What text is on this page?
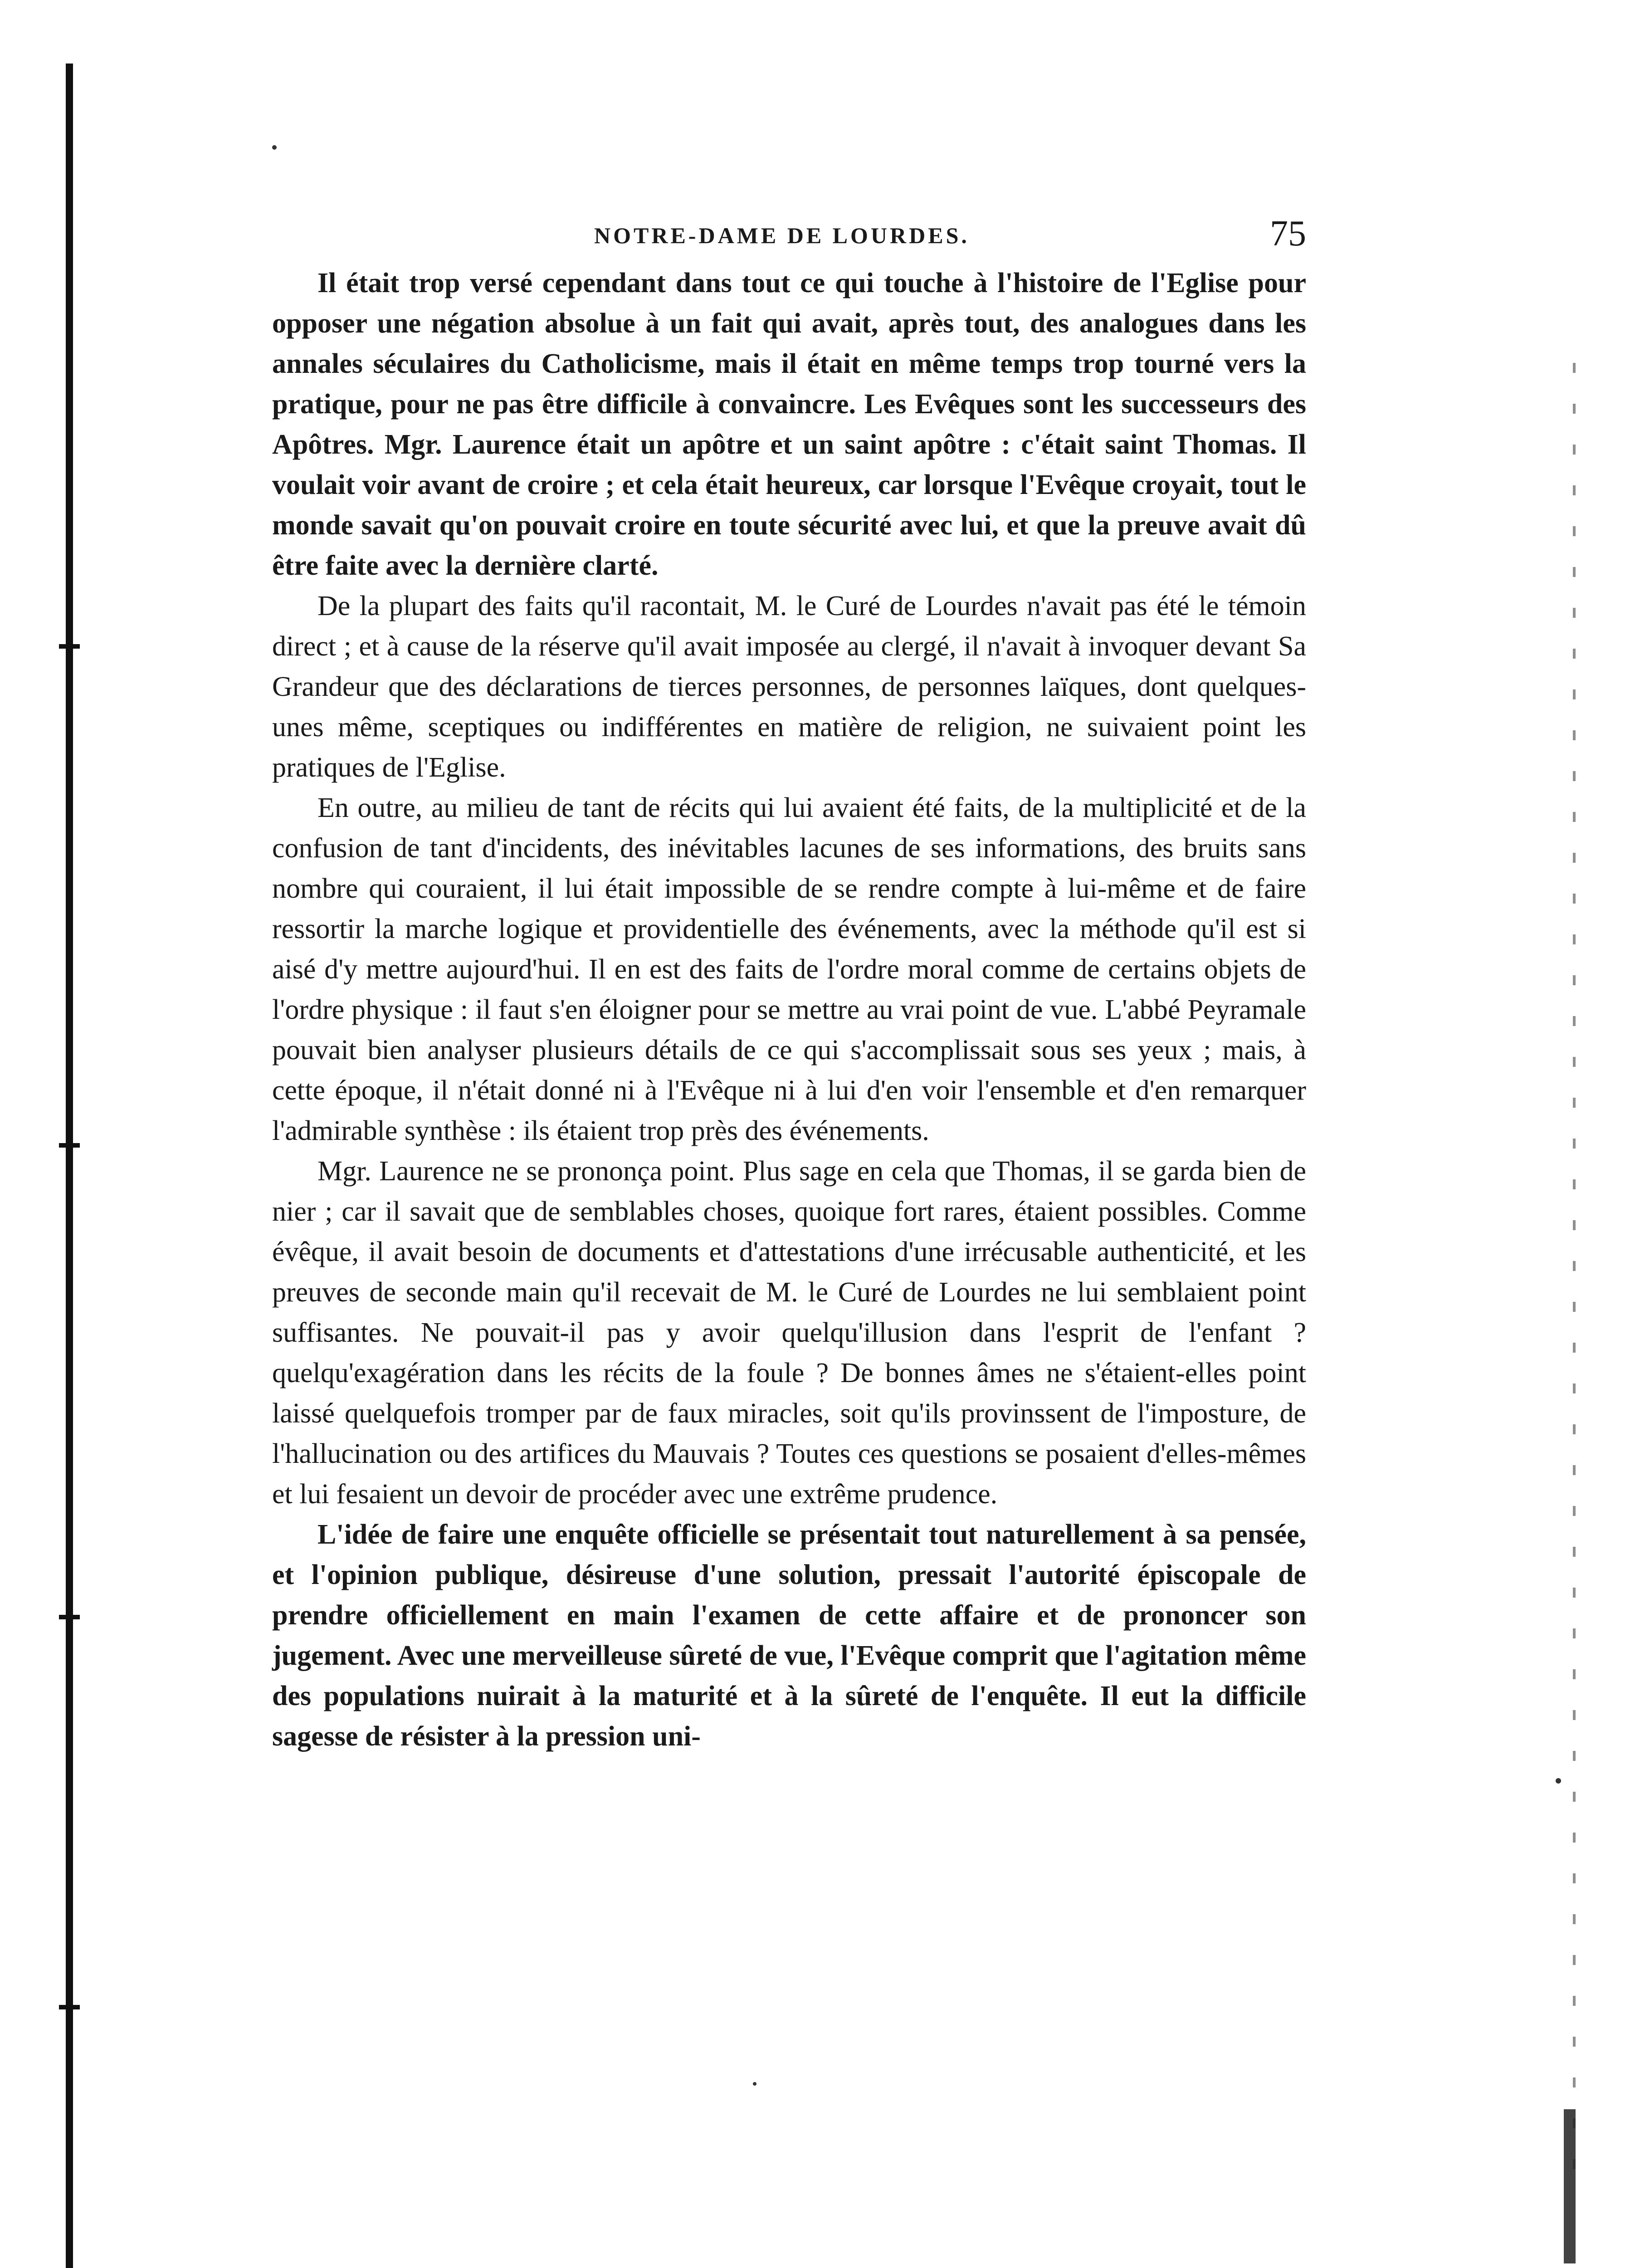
NOTRE-DAME DE LOURDES.	75

Il était trop versé cependant dans tout ce qui touche à l'histoire de l'Eglise pour opposer une négation absolue à un fait qui avait, après tout, des analogues dans les annales séculaires du Catholicisme, mais il était en même temps trop tourné vers la pratique, pour ne pas être difficile à convaincre. Les Evêques sont les successeurs des Apôtres. Mgr. Laurence était un apôtre et un saint apôtre : c'était saint Thomas. Il voulait voir avant de croire ; et cela était heureux, car lorsque l'Evêque croyait, tout le monde savait qu'on pouvait croire en toute sécurité avec lui, et que la preuve avait dû être faite avec la dernière clarté.

De la plupart des faits qu'il racontait, M. le Curé de Lourdes n'avait pas été le témoin direct ; et à cause de la réserve qu'il avait imposée au clergé, il n'avait à invoquer devant Sa Grandeur que des déclarations de tierces personnes, de personnes laïques, dont quelques-unes même, sceptiques ou indifférentes en matière de religion, ne suivaient point les pratiques de l'Eglise.

En outre, au milieu de tant de récits qui lui avaient été faits, de la multiplicité et de la confusion de tant d'incidents, des inévitables lacunes de ses informations, des bruits sans nombre qui couraient, il lui était impossible de se rendre compte à lui-même et de faire ressortir la marche logique et providentielle des événements, avec la méthode qu'il est si aisé d'y mettre aujourd'hui. Il en est des faits de l'ordre moral comme de certains objets de l'ordre physique : il faut s'en éloigner pour se mettre au vrai point de vue. L'abbé Peyramale pouvait bien analyser plusieurs détails de ce qui s'accomplissait sous ses yeux ; mais, à cette époque, il n'était donné ni à l'Evêque ni à lui d'en voir l'ensemble et d'en remarquer l'admirable synthèse : ils étaient trop près des événements.

Mgr. Laurence ne se prononça point. Plus sage en cela que Thomas, il se garda bien de nier ; car il savait que de semblables choses, quoique fort rares, étaient possibles. Comme évêque, il avait besoin de documents et d'attestations d'une irrécusable authenticité, et les preuves de seconde main qu'il recevait de M. le Curé de Lourdes ne lui semblaient point suffisantes. Ne pouvait-il pas y avoir quelqu'illusion dans l'esprit de l'enfant ? quelqu'exagération dans les récits de la foule ? De bonnes âmes ne s'étaient-elles point laissé quelquefois tromper par de faux miracles, soit qu'ils provinssent de l'imposture, de l'hallucination ou des artifices du Mauvais ? Toutes ces questions se posaient d'elles-mêmes et lui fesaient un devoir de procéder avec une extrême prudence.

L'idée de faire une enquête officielle se présentait tout naturellement à sa pensée, et l'opinion publique, désireuse d'une solution, pressait l'autorité épiscopale de prendre officiellement en main l'examen de cette affaire et de prononcer son jugement. Avec une merveilleuse sûreté de vue, l'Evêque comprit que l'agitation même des populations nuirait à la maturité et à la sûreté de l'enquête. Il eut la difficile sagesse de résister à la pression uni-
